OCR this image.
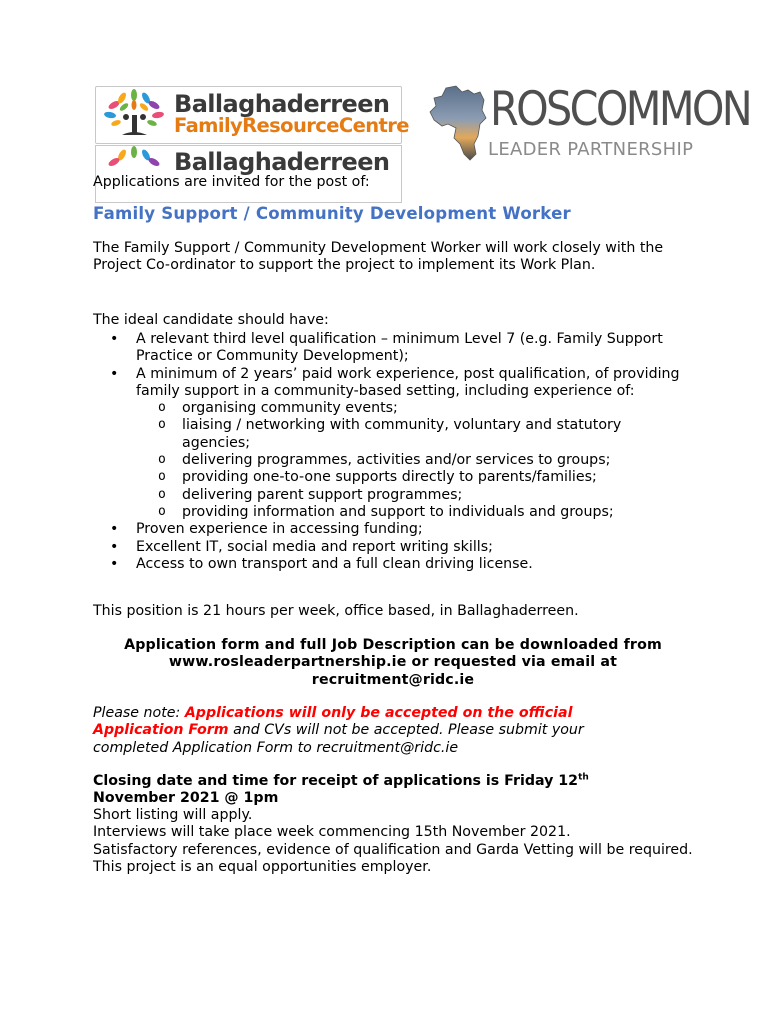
Ballaghaderreen
FamilyResourceCentre
Ballaghaderreen
ROSCOMMON
LEADER PARTNERSHIP
Applications are invited for the post of:
Family Support / Community Development Worker
The Family Support / Community Development Worker will work closely with the Project Co-ordinator to support the project to implement its Work Plan.
The ideal candidate should have:
• A relevant third level qualification – minimum Level 7 (e.g. Family Support Practice or Community Development);
• A minimum of 2 years’ paid work experience, post qualification, of providing family support in a community-based setting, including experience of:
o organising community events;
o liaising / networking with community, voluntary and statutory agencies;
o delivering programmes, activities and/or services to groups;
o providing one-to-one supports directly to parents/families;
o delivering parent support programmes;
o providing information and support to individuals and groups;
• Proven experience in accessing funding;
• Excellent IT, social media and report writing skills;
• Access to own transport and a full clean driving license.
This position is 21 hours per week, office based, in Ballaghaderreen.
Application form and full Job Description can be downloaded from www.rosleaderpartnership.ie or requested via email at recruitment@ridc.ie
Please note: Applications will only be accepted on the official Application Form and CVs will not be accepted. Please submit your completed Application Form to recruitment@ridc.ie
Closing date and time for receipt of applications is Friday 12th November 2021 @ 1pm
Short listing will apply.
Interviews will take place week commencing 15th November 2021.
Satisfactory references, evidence of qualification and Garda Vetting will be required.
This project is an equal opportunities employer.
